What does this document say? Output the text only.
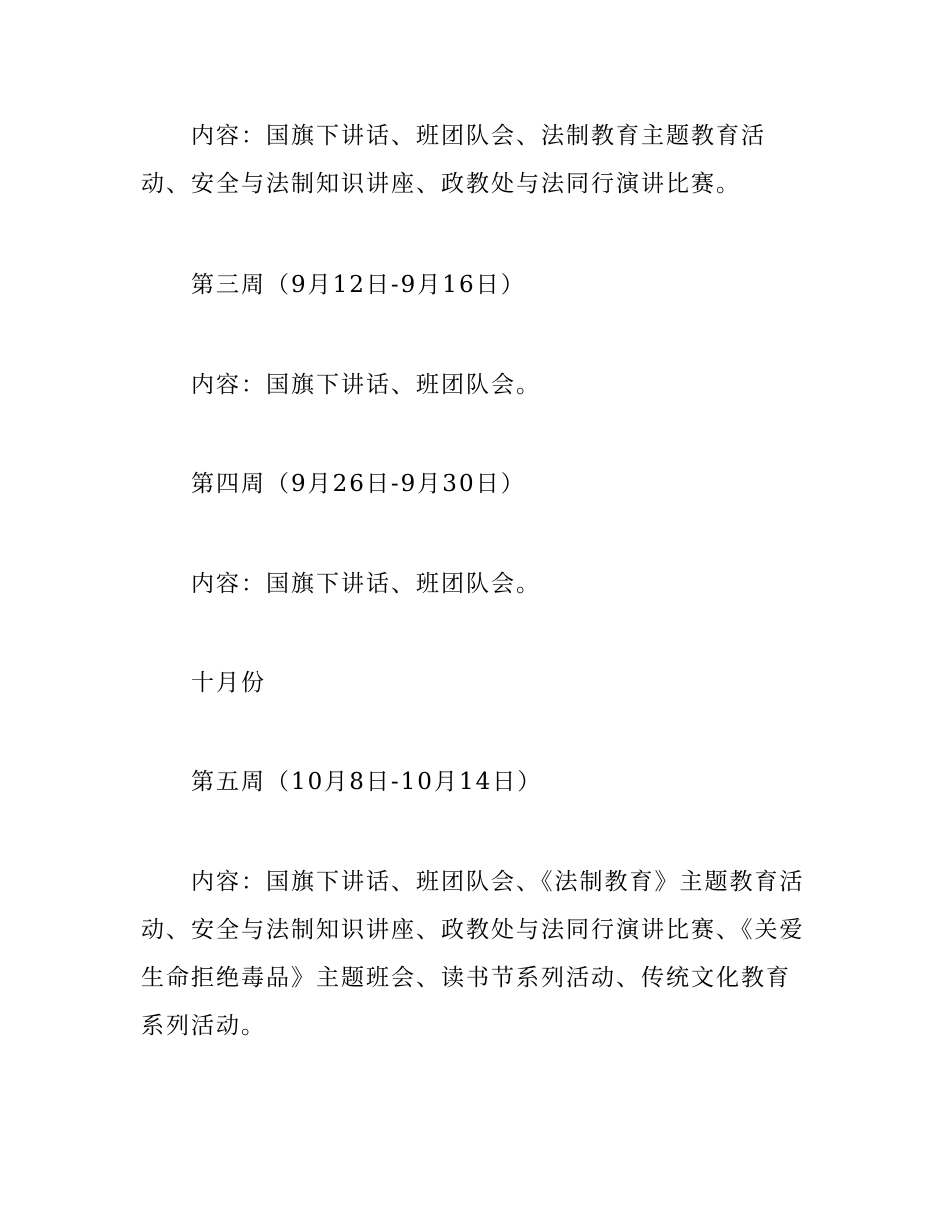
内容：国旗下讲话、班团队会、法制教育主题教育活动、安全与法制知识讲座、政教处与法同行演讲比赛。

第三周（9月12日-9月16日）

内容：国旗下讲话、班团队会。

第四周（9月26日-9月30日）

内容：国旗下讲话、班团队会。

十月份

第五周（10月8日-10月14日）

内容：国旗下讲话、班团队会、《法制教育》主题教育活动、安全与法制知识讲座、政教处与法同行演讲比赛、《关爱生命拒绝毒品》主题班会、读书节系列活动、传统文化教育系列活动。
